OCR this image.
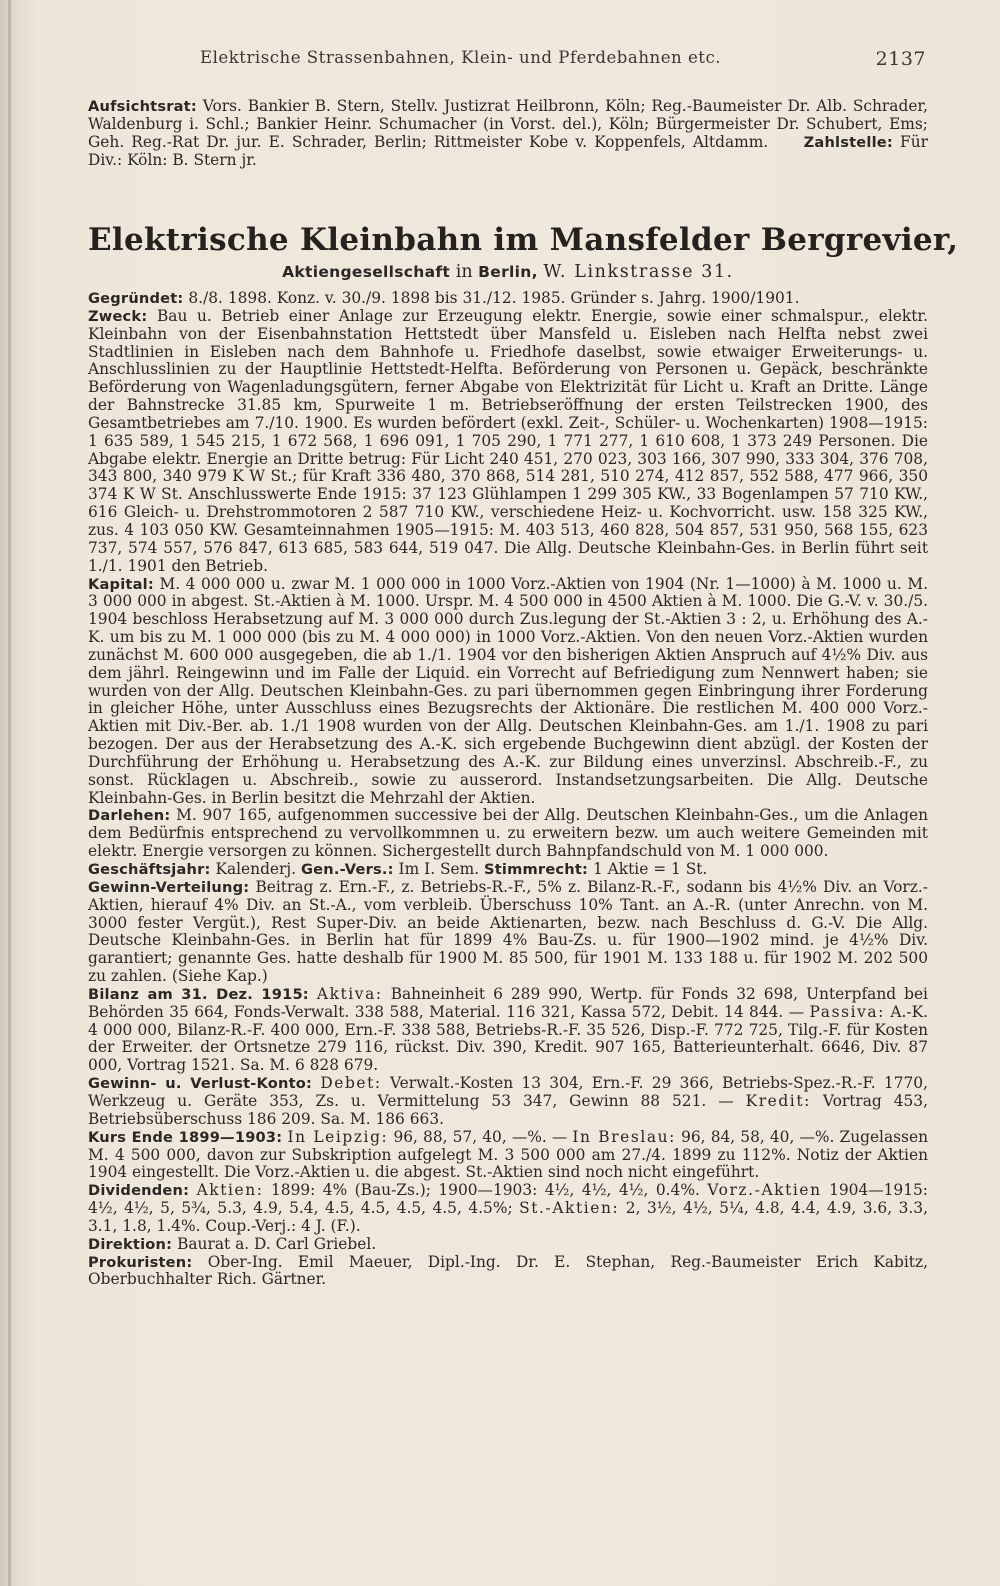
Elektrische Strassenbahnen, Klein- und Pferdebahnen etc.	2137

Aufsichtsrat: Vors. Bankier B. Stern, Stellv. Justizrat Heilbronn, Köln; Reg.-Baumeister Dr. Alb. Schrader, Waldenburg i. Schl.; Bankier Heinr. Schumacher (in Vorst. del.), Köln; Bürgermeister Dr. Schubert, Ems; Geh. Reg.-Rat Dr. jur. E. Schrader, Berlin; Rittmeister Kobe v. Koppenfels, Altdamm. Zahlstelle: Für Div.: Köln: B. Stern jr.

Elektrische Kleinbahn im Mansfelder Bergrevier,
Aktiengesellschaft in Berlin, W. Linkstrasse 31.

Gegründet: 8./8. 1898. Konz. v. 30./9. 1898 bis 31./12. 1985. Gründer s. Jahrg. 1900/1901.

Zweck: Bau u. Betrieb einer Anlage zur Erzeugung elektr. Energie, sowie einer schmalspur., elektr. Kleinbahn von der Eisenbahnstation Hettstedt über Mansfeld u. Eisleben nach Helfta nebst zwei Stadtlinien in Eisleben nach dem Bahnhofe u. Friedhofe daselbst, sowie etwaiger Erweiterungs- u. Anschlusslinien zu der Hauptlinie Hettstedt-Helfta. Beförderung von Personen u. Gepäck, beschränkte Beförderung von Wagenladungsgütern, ferner Abgabe von Elektrizität für Licht u. Kraft an Dritte. Länge der Bahnstrecke 31.85 km, Spurweite 1 m. Betriebseröffnung der ersten Teilstrecken 1900, des Gesamtbetriebes am 7./10. 1900. Es wurden befördert (exkl. Zeit-, Schüler- u. Wochenkarten) 1908—1915: 1 635 589, 1 545 215, 1 672 568, 1 696 091, 1 705 290, 1 771 277, 1 610 608, 1 373 249 Personen. Die Abgabe elektr. Energie an Dritte betrug: Für Licht 240 451, 270 023, 303 166, 307 990, 333 304, 376 708, 343 800, 340 979 K W St.; für Kraft 336 480, 370 868, 514 281, 510 274, 412 857, 552 588, 477 966, 350 374 K W St. Anschlusswerte Ende 1915: 37 123 Glühlampen 1 299 305 KW., 33 Bogenlampen 57 710 KW., 616 Gleich- u. Drehstrommotoren 2 587 710 KW., verschiedene Heiz- u. Kochvorricht. usw. 158 325 KW., zus. 4 103 050 KW. Gesamteinnahmen 1905—1915: M. 403 513, 460 828, 504 857, 531 950, 568 155, 623 737, 574 557, 576 847, 613 685, 583 644, 519 047. Die Allg. Deutsche Kleinbahn-Ges. in Berlin führt seit 1./1. 1901 den Betrieb.

Kapital: M. 4 000 000 u. zwar M. 1 000 000 in 1000 Vorz.-Aktien von 1904 (Nr. 1—1000) à M. 1000 u. M. 3 000 000 in abgest. St.-Aktien à M. 1000. Urspr. M. 4 500 000 in 4500 Aktien à M. 1000. Die G.-V. v. 30./5. 1904 beschloss Herabsetzung auf M. 3 000 000 durch Zus.legung der St.-Aktien 3 : 2, u. Erhöhung des A.-K. um bis zu M. 1 000 000 (bis zu M. 4 000 000) in 1000 Vorz.-Aktien. Von den neuen Vorz.-Aktien wurden zunächst M. 600 000 ausgegeben, die ab 1./1. 1904 vor den bisherigen Aktien Anspruch auf 4½% Div. aus dem jährl. Reingewinn und im Falle der Liquid. ein Vorrecht auf Befriedigung zum Nennwert haben; sie wurden von der Allg. Deutschen Kleinbahn-Ges. zu pari übernommen gegen Einbringung ihrer Forderung in gleicher Höhe, unter Ausschluss eines Bezugsrechts der Aktionäre. Die restlichen M. 400 000 Vorz.-Aktien mit Div.-Ber. ab. 1./1 1908 wurden von der Allg. Deutschen Kleinbahn-Ges. am 1./1. 1908 zu pari bezogen. Der aus der Herabsetzung des A.-K. sich ergebende Buchgewinn dient abzügl. der Kosten der Durchführung der Erhöhung u. Herabsetzung des A.-K. zur Bildung eines unverzinsl. Abschreib.-F., zu sonst. Rücklagen u. Abschreib., sowie zu ausserord. Instandsetzungsarbeiten. Die Allg. Deutsche Kleinbahn-Ges. in Berlin besitzt die Mehrzahl der Aktien.

Darlehen: M. 907 165, aufgenommen successive bei der Allg. Deutschen Kleinbahn-Ges., um die Anlagen dem Bedürfnis entsprechend zu vervollkommnen u. zu erweitern bezw. um auch weitere Gemeinden mit elektr. Energie versorgen zu können. Sichergestellt durch Bahnpfandschuld von M. 1 000 000.

Geschäftsjahr: Kalenderj. Gen.-Vers.: Im I. Sem. Stimmrecht: 1 Aktie = 1 St.

Gewinn-Verteilung: Beitrag z. Ern.-F., z. Betriebs-R.-F., 5% z. Bilanz-R.-F., sodann bis 4½% Div. an Vorz.-Aktien, hierauf 4% Div. an St.-A., vom verbleib. Überschuss 10% Tant. an A.-R. (unter Anrechn. von M. 3000 fester Vergüt.), Rest Super-Div. an beide Aktienarten, bezw. nach Beschluss d. G.-V. Die Allg. Deutsche Kleinbahn-Ges. in Berlin hat für 1899 4% Bau-Zs. u. für 1900—1902 mind. je 4½% Div. garantiert; genannte Ges. hatte deshalb für 1900 M. 85 500, für 1901 M. 133 188 u. für 1902 M. 202 500 zu zahlen. (Siehe Kap.)

Bilanz am 31. Dez. 1915: Aktiva: Bahneinheit 6 289 990, Wertp. für Fonds 32 698, Unterpfand bei Behörden 35 664, Fonds-Verwalt. 338 588, Material. 116 321, Kassa 572, Debit. 14 844. — Passiva: A.-K. 4 000 000, Bilanz-R.-F. 400 000, Ern.-F. 338 588, Betriebs-R.-F. 35 526, Disp.-F. 772 725, Tilg.-F. für Kosten der Erweiter. der Ortsnetze 279 116, rückst. Div. 390, Kredit. 907 165, Batterieunterhalt. 6646, Div. 87 000, Vortrag 1521. Sa. M. 6 828 679.

Gewinn- u. Verlust-Konto: Debet: Verwalt.-Kosten 13 304, Ern.-F. 29 366, Betriebs-Spez.-R.-F. 1770, Werkzeug u. Geräte 353, Zs. u. Vermittelung 53 347, Gewinn 88 521. — Kredit: Vortrag 453, Betriebsüberschuss 186 209. Sa. M. 186 663.

Kurs Ende 1899—1903: In Leipzig: 96, 88, 57, 40, —%. — In Breslau: 96, 84, 58, 40, —%. Zugelassen M. 4 500 000, davon zur Subskription aufgelegt M. 3 500 000 am 27./4. 1899 zu 112%. Notiz der Aktien 1904 eingestellt. Die Vorz.-Aktien u. die abgest. St.-Aktien sind noch nicht eingeführt.

Dividenden: Aktien: 1899: 4% (Bau-Zs.); 1900—1903: 4½, 4½, 4½, 0.4%. Vorz.-Aktien 1904—1915: 4½, 4½, 5, 5¾, 5.3, 4.9, 5.4, 4.5, 4.5, 4.5, 4.5, 4.5%; St.-Aktien: 2, 3½, 4½, 5¼, 4.8, 4.4, 4.9, 3.6, 3.3, 3.1, 1.8, 1.4%. Coup.-Verj.: 4 J. (F.).

Direktion: Baurat a. D. Carl Griebel.

Prokuristen: Ober-Ing. Emil Maeuer, Dipl.-Ing. Dr. E. Stephan, Reg.-Baumeister Erich Kabitz, Oberbuchhalter Rich. Gärtner.
